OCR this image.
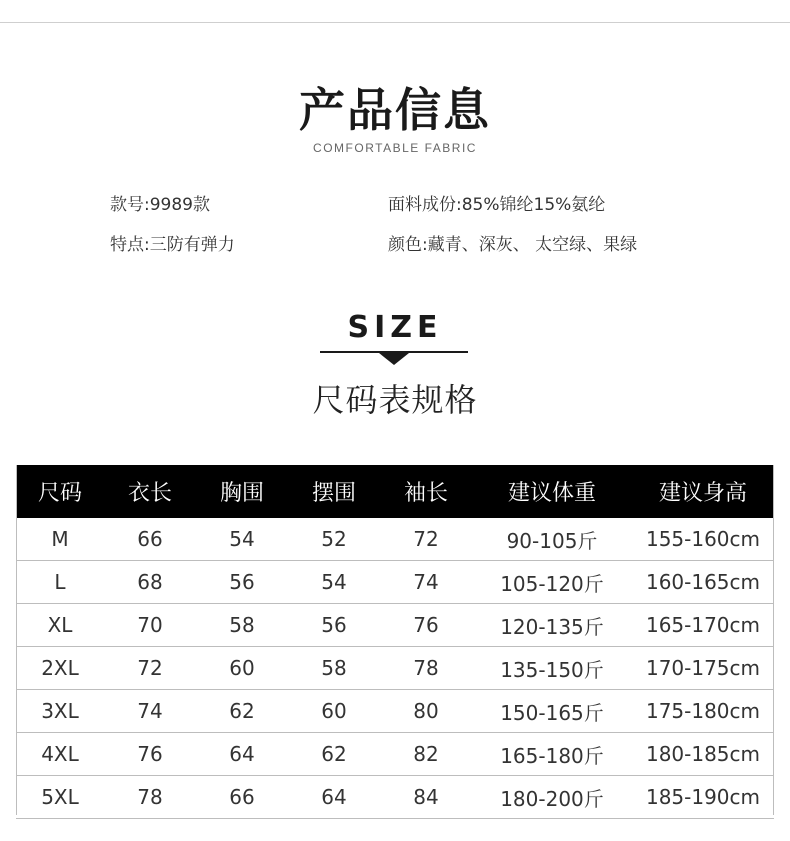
产品信息
COMFORTABLE FABRIC
款号:9989款	面料成份:85%锦纶15%氨纶
特点:三防有弹力	颜色:藏青、深灰、 太空绿、果绿
SIZE
尺码表规格
尺码	衣长	胸围	摆围	袖长	建议体重	建议身高
M	66	54	52	72	90-105斤	155-160cm
L	68	56	54	74	105-120斤	160-165cm
XL	70	58	56	76	120-135斤	165-170cm
2XL	72	60	58	78	135-150斤	170-175cm
3XL	74	62	60	80	150-165斤	175-180cm
4XL	76	64	62	82	165-180斤	180-185cm
5XL	78	66	64	84	180-200斤	185-190cm
